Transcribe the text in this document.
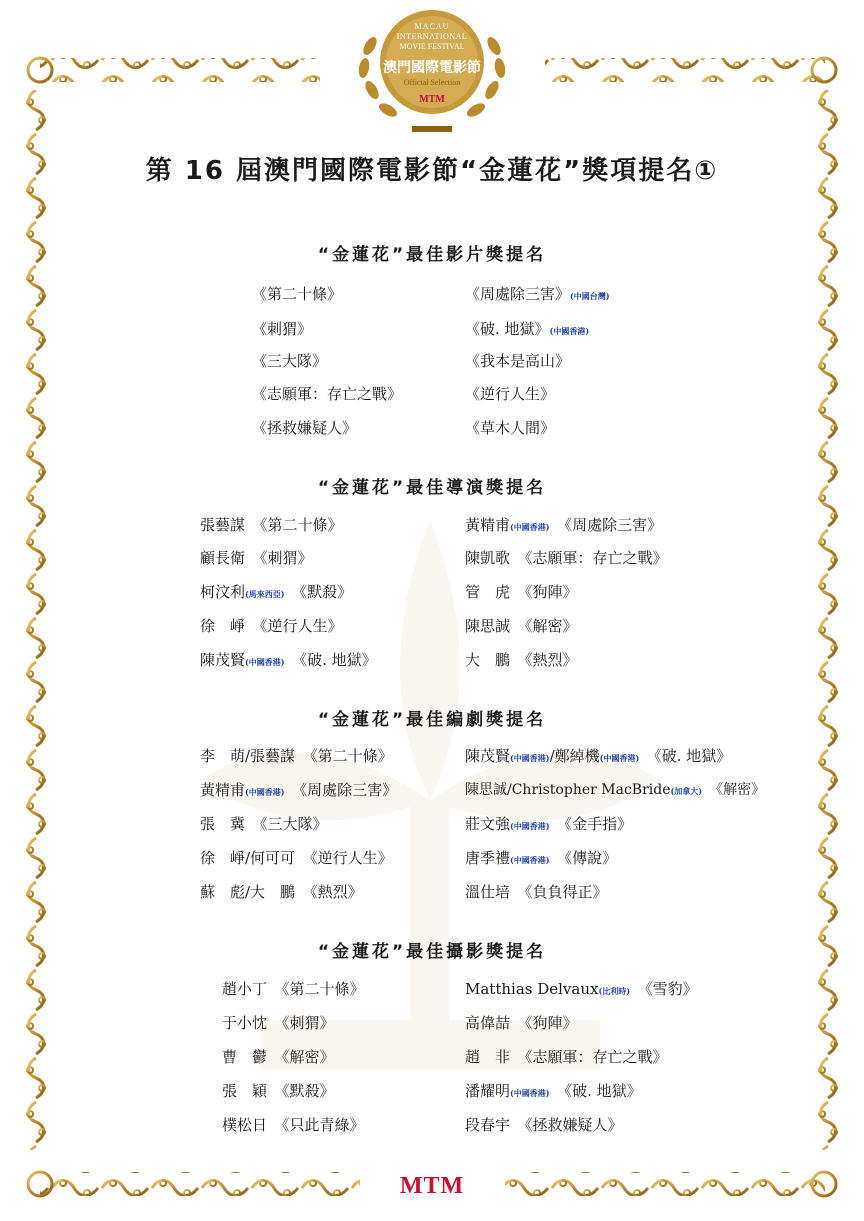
MACAU
INTERNATIONAL
MOVIE FESTIVAL
澳門國際電影節
Official Selection
MTM
第 16 屆澳門國際電影節“金蓮花”獎項提名①
“金蓮花”最佳影片獎提名
《第二十條》
《刺猬》
《三大隊》
《志願軍：存亡之戰》
《拯救嫌疑人》
《周處除三害》(中國台灣)
《破. 地獄》(中國香港)
《我本是高山》
《逆行人生》
《草木人間》
“金蓮花”最佳導演獎提名
張藝謀　 《第二十條》
顧長衛　 《刺猬》
柯汶利(馬來西亞)　 《默殺》
徐　崢　 《逆行人生》
陳茂賢(中國香港)　 《破. 地獄》
黃精甫(中國香港)　 《周處除三害》
陳凱歌　 《志願軍：存亡之戰》
管　虎　 《狗陣》
陳思誠　 《解密》
大　鵬　 《熱烈》
“金蓮花”最佳編劇獎提名
李　萌/張藝謀　 《第二十條》
黃精甫(中國香港)　 《周處除三害》
張　冀　 《三大隊》
徐　崢/何可可　 《逆行人生》
蘇　彪/大　鵬　 《熱烈》
陳茂賢(中國香港)/鄭綽機(中國香港)　 《破. 地獄》
陳思誠/Christopher MacBride(加拿大)　 《解密》
莊文強(中國香港)　 《金手指》
唐季禮(中國香港)　 《傳說》
溫仕培　 《負負得正》
“金蓮花”最佳攝影獎提名
趙小丁　 《第二十條》
于小忱　 《刺猬》
曹　鬱　 《解密》
張　穎　 《默殺》
樸松日　 《只此青綠》
Matthias Delvaux(比利時)　 《雪豹》
高偉喆　 《狗陣》
趙　非　 《志願軍：存亡之戰》
潘耀明(中國香港)　 《破. 地獄》
段春宇　 《拯救嫌疑人》
MTM
